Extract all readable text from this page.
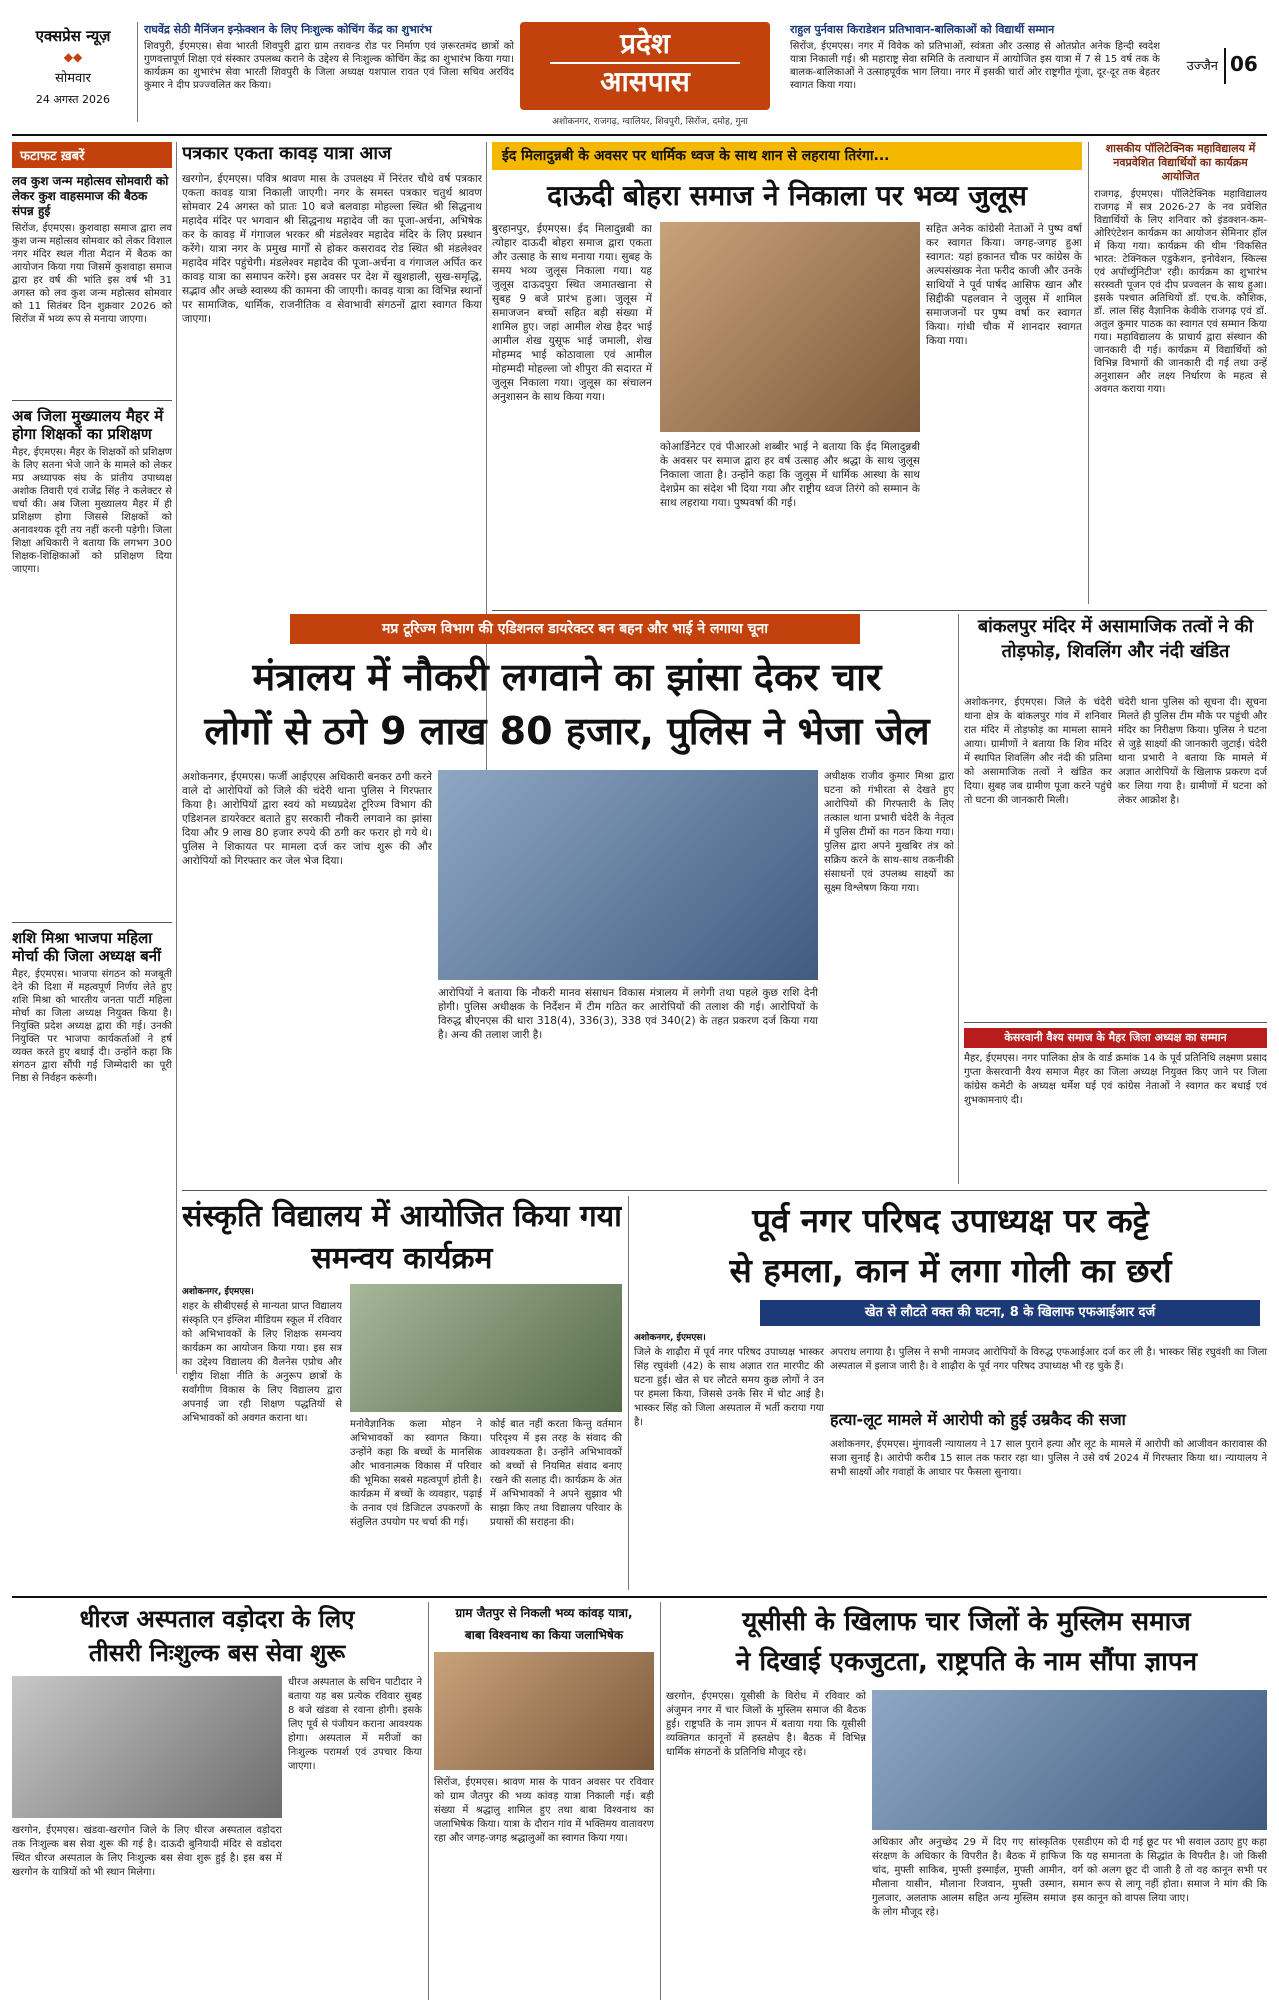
एक्सप्रेस न्यूज़
◆◆
सोमवार
24 अगस्त 2026
राघवेंद्र सेठी मैनिंजन इन्फ़ेक्शन के लिए निःशुल्क कोचिंग केंद्र का शुभारंभ
शिवपुरी, ईएमएस। सेवा भारती शिवपुरी द्वारा ग्राम तरावन्ड रोड पर निर्माण एवं ज़रूरतमंद छात्रों को गुणवत्तापूर्ण शिक्षा एवं संस्कार उपलब्ध कराने के उद्देश्य से निःशुल्क कोचिंग केंद्र का शुभारंभ किया गया। कार्यक्रम का शुभारंभ सेवा भारती शिवपुरी के जिला अध्यक्ष यशपाल रावत एवं जिला सचिव अरविंद कुमार ने दीप प्रज्ज्वलित कर किया।
प्रदेश
आसपास
अशोकनगर, राजगढ़, ग्वालियर, शिवपुरी, सिरोंज, दमोह, गुना
राहुल पुर्नवास किराडेशन प्रतिभावान-बालिकाओं को विद्यार्थी सम्मान
सिरोंज, ईएमएस। नगर में विवेक को प्रतिभाओं, स्वंत्रता और उत्साह से ओतप्रोत अनेक हिन्दी स्वदेश यात्रा निकाली गई। श्री महाराष्ट्र सेवा समिति के तत्वाधान में आयोजित इस यात्रा में 7 से 15 वर्ष तक के बालक-बालिकाओं ने उत्साहपूर्वक भाग लिया। नगर में इसकी चारों ओर राष्ट्रगीत गूंजा, दूर-दूर तक बेहतर स्वागत किया गया।
उज्जैन 06
फटाफट ख़बरें
लव कुश जन्म महोत्सव सोमवारी को लेकर कुश वाहसमाज की बैठक संपन्न हुई
सिरोंज, ईएमएस। कुशवाहा समाज द्वारा लव कुश जन्म महोत्सव सोमवार को लेकर विशाल नगर मंदिर स्थल गीता मैदान में बैठक का आयोजन किया गया जिसमें कुशवाहा समाज द्वारा हर वर्ष की भांति इस वर्ष भी 31 अगस्त को लव कुश जन्म महोत्सव सोमवार को 11 सितंबर दिन शुक्रवार 2026 को सिरोंज में भव्य रूप से मनाया जाएगा।
अब जिला मुख्यालय मैहर में होगा शिक्षकों का प्रशिक्षण
मैहर, ईएमएस। मैहर के शिक्षकों को प्रशिक्षण के लिए सतना भेजे जाने के मामले को लेकर मप्र अध्यापक संघ के प्रांतीय उपाध्यक्ष अशोक तिवारी एवं राजेंद्र सिंह ने कलेक्टर से चर्चा की। अब जिला मुख्यालय मैहर में ही प्रशिक्षण होगा जिससे शिक्षकों को अनावश्यक दूरी तय नहीं करनी पड़ेगी। जिला शिक्षा अधिकारी ने बताया कि लगभग 300 शिक्षक-शिक्षिकाओं को प्रशिक्षण दिया जाएगा।
शशि मिश्रा भाजपा महिला मोर्चा की जिला अध्यक्ष बनीं
मैहर, ईएमएस। भाजपा संगठन को मजबूती देने की दिशा में महत्वपूर्ण निर्णय लेते हुए शशि मिश्रा को भारतीय जनता पार्टी महिला मोर्चा का जिला अध्यक्ष नियुक्त किया है। नियुक्ति प्रदेश अध्यक्ष द्वारा की गई। उनकी नियुक्ति पर भाजपा कार्यकर्ताओं ने हर्ष व्यक्त करते हुए बधाई दी। उन्होंने कहा कि संगठन द्वारा सौंपी गई जिम्मेदारी का पूरी निष्ठा से निर्वहन करूंगी।
पत्रकार एकता कावड़ यात्रा आज
खरगोन, ईएमएस। पवित्र श्रावण मास के उपलक्ष्य में निरंतर चौथे वर्ष पत्रकार एकता कावड़ यात्रा निकाली जाएगी। नगर के समस्त पत्रकार चतुर्थ श्रावण सोमवार 24 अगस्त को प्रातः 10 बजे बलवाड़ा मोहल्ला स्थित श्री सिद्धनाथ महादेव मंदिर पर भगवान श्री सिद्धनाथ महादेव जी का पूजा-अर्चना, अभिषेक कर के कावड़ में गंगाजल भरकर श्री मंडलेश्वर महादेव मंदिर के लिए प्रस्थान करेंगे। यात्रा नगर के प्रमुख मार्गों से होकर कसरावद रोड स्थित श्री मंडलेश्वर महादेव मंदिर पहुंचेगी। मंडलेश्वर महादेव की पूजा-अर्चना व गंगाजल अर्पित कर कावड़ यात्रा का समापन करेंगे। इस अवसर पर देश में खुशहाली, सुख-समृद्धि, सद्भाव और अच्छे स्वास्थ्य की कामना की जाएगी। कावड़ यात्रा का विभिन्न स्थानों पर सामाजिक, धार्मिक, राजनीतिक व सेवाभावी संगठनों द्वारा स्वागत किया जाएगा।
ईद मिलादुन्नबी के अवसर पर धार्मिक ध्वज के साथ शान से लहराया तिरंगा...
दाऊदी बोहरा समाज ने निकाला पर भव्य जुलूस
बुरहानपुर, ईएमएस। ईद मिलादुन्नबी का त्योहार दाऊदी बोहरा समाज द्वारा एकता और उत्साह के साथ मनाया गया। सुबह के समय भव्य जुलूस निकाला गया। यह जुलूस दाऊदपुरा स्थित जमातखाना से सुबह 9 बजे प्रारंभ हुआ। जुलूस में समाजजन बच्चों सहित बड़ी संख्या में शामिल हुए। जहां आमील शेख हैदर भाई आमील शेख युसूफ भाई जमाली, शेख मोहम्मद भाई कोठावाला एवं आमील मोहम्मदी मोहल्ला जो शीपुरा की सदारत में जुलूस निकाला गया। जुलूस का संचालन अनुशासन के साथ किया गया।
कोआर्डिनेटर एवं पीआरओ शब्बीर भाई ने बताया कि ईद मिलादुन्नबी के अवसर पर समाज द्वारा हर वर्ष उत्साह और श्रद्धा के साथ जुलूस निकाला जाता है। उन्होंने कहा कि जुलूस में धार्मिक आस्था के साथ देशप्रेम का संदेश भी दिया गया और राष्ट्रीय ध्वज तिरंगे को सम्मान के साथ लहराया गया। पुष्पवर्षा की गई।
सहित अनेक कांग्रेसी नेताओं ने पुष्प वर्षा कर स्वागत किया। जगह-जगह हुआ स्वागत: यहां हकानत चौक पर कांग्रेस के अल्पसंख्यक नेता फरीद काजी और उनके साथियों ने पूर्व पार्षद आसिफ खान और सिद्दीकी पहलवान ने जुलूस में शामिल समाजजनों पर पुष्प वर्षा कर स्वागत किया। गांधी चौक में शानदार स्वागत किया गया।
शासकीय पॉलिटेक्निक महाविद्यालय में नवप्रवेशित विद्यार्थियों का कार्यक्रम आयोजित
राजगढ़, ईएमएस। पॉलिटेक्निक महाविद्यालय राजगढ़ में सत्र 2026-27 के नव प्रवेशित विद्यार्थियों के लिए शनिवार को इंडक्शन-कम-ओरिएंटेशन कार्यक्रम का आयोजन सेमिनार हॉल में किया गया। कार्यक्रम की थीम 'विकसित भारत: टेक्निकल एडुकेशन, इनोवेशन, स्किल्स एवं अपॉर्च्युनिटीज' रही। कार्यक्रम का शुभारंभ सरस्वती पूजन एवं दीप प्रज्वलन के साथ हुआ। इसके पश्चात अतिथियों डॉ. एच.के. कौशिक, डॉ. लाल सिंह वैज्ञानिक केवीके राजगढ़ एवं डॉ. अतुल कुमार पाठक का स्वागत एवं सम्मान किया गया। महाविद्यालय के प्राचार्य द्वारा संस्थान की जानकारी दी गई। कार्यक्रम में विद्यार्थियों को विभिन्न विभागों की जानकारी दी गई तथा उन्हें अनुशासन और लक्ष्य निर्धारण के महत्व से अवगत कराया गया।
मप्र टूरिज्म विभाग की एडिशनल डायरेक्टर बन बहन और भाई ने लगाया चूना
मंत्रालय में नौकरी लगवाने का झांसा देकर चार
लोगों से ठगे 9 लाख 80 हजार, पुलिस ने भेजा जेल
अशोकनगर, ईएमएस। फर्जी आईएएस अधिकारी बनकर ठगी करने वाले दो आरोपियों को जिले की चंदेरी थाना पुलिस ने गिरफ्तार किया है। आरोपियों द्वारा स्वयं को मध्यप्रदेश टूरिज्म विभाग की एडिशनल डायरेक्टर बताते हुए सरकारी नौकरी लगवाने का झांसा दिया और 9 लाख 80 हजार रुपये की ठगी कर फरार हो गये थे। पुलिस ने शिकायत पर मामला दर्ज कर जांच शुरू की और आरोपियों को गिरफ्तार कर जेल भेज दिया।
आरोपियों ने बताया कि नौकरी मानव संसाधन विकास मंत्रालय में लगेगी तथा पहले कुछ राशि देनी होगी। पुलिस अधीक्षक के निर्देशन में टीम गठित कर आरोपियों की तलाश की गई। आरोपियों के विरुद्ध बीएनएस की धारा 318(4), 336(3), 338 एवं 340(2) के तहत प्रकरण दर्ज किया गया है। अन्य की तलाश जारी है।
अधीक्षक राजीव कुमार मिश्रा द्वारा घटना को गंभीरता से देखते हुए आरोपियों की गिरफ्तारी के लिए तत्काल थाना प्रभारी चंदेरी के नेतृत्व में पुलिस टीमों का गठन किया गया। पुलिस द्वारा अपने मुखबिर तंत्र को सक्रिय करने के साथ-साथ तकनीकी संसाधनों एवं उपलब्ध साक्ष्यों का सूक्ष्म विश्लेषण किया गया।
बांकलपुर मंदिर में असामाजिक तत्वों ने की तोड़फोड़, शिवलिंग और नंदी खंडित
अशोकनगर, ईएमएस। जिले के चंदेरी थाना क्षेत्र के बांकलपुर गांव में शनिवार रात मंदिर में तोड़फोड़ का मामला सामने आया। ग्रामीणों ने बताया कि शिव मंदिर में स्थापित शिवलिंग और नंदी की प्रतिमा को असामाजिक तत्वों ने खंडित कर दिया। सुबह जब ग्रामीण पूजा करने पहुंचे तो घटना की जानकारी मिली।
चंदेरी थाना पुलिस को सूचना दी। सूचना मिलते ही पुलिस टीम मौके पर पहुंची और मंदिर का निरीक्षण किया। पुलिस ने घटना से जुड़े साक्ष्यों की जानकारी जुटाई। चंदेरी थाना प्रभारी ने बताया कि मामले में अज्ञात आरोपियों के खिलाफ प्रकरण दर्ज कर लिया गया है। ग्रामीणों में घटना को लेकर आक्रोश है।
केसरवानी वैश्य समाज के मैहर जिला अध्यक्ष का सम्मान
मैहर, ईएमएस। नगर पालिका क्षेत्र के वार्ड क्रमांक 14 के पूर्व प्रतिनिधि लक्ष्मण प्रसाद गुप्ता केसरवानी वैश्य समाज मैहर का जिला अध्यक्ष नियुक्त किए जाने पर जिला कांग्रेस कमेटी के अध्यक्ष धर्मेश घई एवं कांग्रेस नेताओं ने स्वागत कर बधाई एवं शुभकामनाएं दी।
संस्कृति विद्यालय में आयोजित किया गया समन्वय कार्यक्रम
अशोकनगर, ईएमएस।
शहर के सीबीएसई से मान्यता प्राप्त विद्यालय संस्कृति एन इंग्लिश मीडियम स्कूल में रविवार को अभिभावकों के लिए शिक्षक समन्वय कार्यक्रम का आयोजन किया गया। इस सत्र का उद्देश्य विद्यालय की वैलनेस एप्रोच और राष्ट्रीय शिक्षा नीति के अनुरूप छात्रों के सर्वांगीण विकास के लिए विद्यालय द्वारा अपनाई जा रही शिक्षण पद्धतियों से अभिभावकों को अवगत कराना था।
मनोवैज्ञानिक कला मोहन ने अभिभावकों का स्वागत किया। उन्होंने कहा कि बच्चों के मानसिक और भावनात्मक विकास में परिवार की भूमिका सबसे महत्वपूर्ण होती है। कार्यक्रम में बच्चों के व्यवहार, पढ़ाई के तनाव एवं डिजिटल उपकरणों के संतुलित उपयोग पर चर्चा की गई।
कोई बात नहीं करता किन्तु वर्तमान परिदृश्य में इस तरह के संवाद की आवश्यकता है। उन्होंने अभिभावकों को बच्चों से नियमित संवाद बनाए रखने की सलाह दी। कार्यक्रम के अंत में अभिभावकों ने अपने सुझाव भी साझा किए तथा विद्यालय परिवार के प्रयासों की सराहना की।
पूर्व नगर परिषद उपाध्यक्ष पर कट्टे
से हमला, कान में लगा गोली का छर्रा
खेत से लौटते वक्त की घटना, 8 के खिलाफ एफआईआर दर्ज
अशोकनगर, ईएमएस।
जिले के शाढ़ौरा में पूर्व नगर परिषद उपाध्यक्ष भास्कर सिंह रघुवंशी (42) के साथ अज्ञात रात मारपीट की घटना हुई। खेत से घर लौटते समय कुछ लोगों ने उन पर हमला किया, जिससे उनके सिर में चोट आई है। भास्कर सिंह को जिला अस्पताल में भर्ती कराया गया है।
अपराध लगाया है। पुलिस ने सभी नामजद आरोपियों के विरुद्ध एफआईआर दर्ज कर ली है। भास्कर सिंह रघुवंशी का जिला अस्पताल में इलाज जारी है। वे शाढ़ौरा के पूर्व नगर परिषद उपाध्यक्ष भी रह चुके हैं।
हत्या-लूट मामले में आरोपी को हुई उम्रकैद की सजा
अशोकनगर, ईएमएस। मुंगावली न्यायालय ने 17 साल पुराने हत्या और लूट के मामले में आरोपी को आजीवन कारावास की सजा सुनाई है। आरोपी करीब 15 साल तक फरार रहा था। पुलिस ने उसे वर्ष 2024 में गिरफ्तार किया था। न्यायालय ने सभी साक्ष्यों और गवाहों के आधार पर फैसला सुनाया।
धीरज अस्पताल वड़ोदरा के लिए
तीसरी निःशुल्क बस सेवा शुरू
खरगोन, ईएमएस। खंडवा-खरगोन जिले के लिए धीरज अस्पताल वड़ोदरा तक निःशुल्क बस सेवा शुरू की गई है। दाऊदी बुनियादी मंदिर से वडोदरा स्थित धीरज अस्पताल के लिए निःशुल्क बस सेवा शुरू हुई है। इस बस में खरगोन के यात्रियों को भी स्थान मिलेगा।
धीरज अस्पताल के सचिन पाटीदार ने बताया यह बस प्रत्येक रविवार सुबह 8 बजे खंडवा से रवाना होगी। इसके लिए पूर्व से पंजीयन कराना आवश्यक होगा। अस्पताल में मरीजों का निःशुल्क परामर्श एवं उपचार किया जाएगा।
ग्राम जैतपुर से निकली भव्य कांवड़ यात्रा,
बाबा विश्वनाथ का किया जलाभिषेक
सिरोंज, ईएमएस। श्रावण मास के पावन अवसर पर रविवार को ग्राम जैतपुर की भव्य कांवड़ यात्रा निकाली गई। बड़ी संख्या में श्रद्धालु शामिल हुए तथा बाबा विश्वनाथ का जलाभिषेक किया। यात्रा के दौरान गांव में भक्तिमय वातावरण रहा और जगह-जगह श्रद्धालुओं का स्वागत किया गया।
यूसीसी के खिलाफ चार जिलों के मुस्लिम समाज
ने दिखाई एकजुटता, राष्ट्रपति के नाम सौंपा ज्ञापन
खरगोन, ईएमएस। यूसीसी के विरोध में रविवार को अंजुमन नगर में चार जिलों के मुस्लिम समाज की बैठक हुई। राष्ट्रपति के नाम ज्ञापन में बताया गया कि यूसीसी व्यक्तिगत कानूनों में हस्तक्षेप है। बैठक में विभिन्न धार्मिक संगठनों के प्रतिनिधि मौजूद रहे।
अधिकार और अनुच्छेद 29 में दिए गए सांस्कृतिक संरक्षण के अधिकार के विपरीत है। बैठक में हाफिज चांद, मुफ्ती साकिब, मुफ्ती इस्माईल, मुफ्ती आमीन, मौलाना यासीन, मौलाना रिजवान, मुफ्ती उस्मान, गुलजार, अलताफ आलम सहित अन्य मुस्लिम समाज के लोग मौजूद रहे।
एसडीएम को दी गई छूट पर भी सवाल उठाए हुए कहा कि यह समानता के सिद्धांत के विपरीत है। जो किसी वर्ग को अलग छूट दी जाती है तो वह कानून सभी पर समान रूप से लागू नहीं होता। समाज ने मांग की कि इस कानून को वापस लिया जाए।
